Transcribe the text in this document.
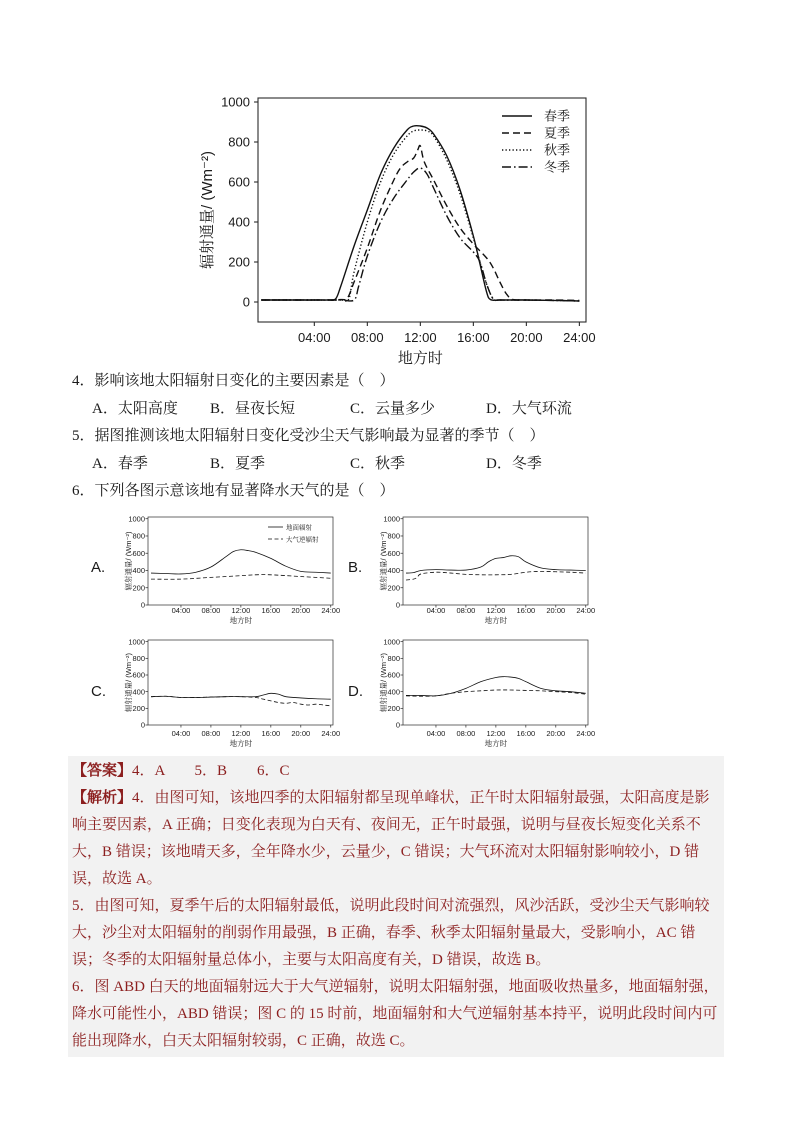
04:00 08:00 12:00 16:00 20:00 24:00
0
200
400
600
800
1000
地方时
辐射通量/ (Wm⁻²)
春季
夏季
秋季
冬季
4．影响该地太阳辐射日变化的主要因素是（　）
A．太阳高度 B．昼夜长短	C．云量多少	D．大气环流
5．据图推测该地太阳辐射日变化受沙尘天气影响最为显著的季节（　）
A．春季	B．夏季	C．秋季	D．冬季
6．下列各图示意该地有显著降水天气的是（　）
A.
04:00 08:00 12:00 16:00 20:00 24:00
0
200
400
600
800
1000
地方时
辐射通量/ (Wm⁻²)
地面辐射
大气逆辐射
B.
04:00 08:00 12:00 16:00 20:00 24:00
0
200
400
600
800
1000
地方时
辐射通量/ (Wm⁻²)
C.
04:00 08:00 12:00 16:00 20:00 24:00
0
200
400
600
800
1000
地方时
辐射通量/ (Wm⁻²)	D.
04:00 08:00 12:00 16:00 20:00 24:00
0
200
400
600
800
1000
地方时
辐射通量/ (Wm⁻²)

【答案】4．A　　5．B　　6．C

【解析】4．由图可知，该地四季的太阳辐射都呈现单峰状，正午时太阳辐射最强，太阳高度是影响主要因素，A 正确；日变化表现为白天有、夜间无，正午时最强，说明与昼夜长短变化关系不大，B 错误；该地晴天多，全年降水少，云量少，C 错误；大气环流对太阳辐射影响较小，D 错误，故选 A。

5．由图可知，夏季午后的太阳辐射最低，说明此段时间对流强烈，风沙活跃，受沙尘天气影响较大，沙尘对太阳辐射的削弱作用最强，B 正确，春季、秋季太阳辐射量最大，受影响小，AC 错误；冬季的太阳辐射量总体小，主要与太阳高度有关，D 错误，故选 B。

6．图 ABD 白天的地面辐射远大于大气逆辐射，说明太阳辐射强，地面吸收热量多，地面辐射强，降水可能性小，ABD 错误；图 C 的 15 时前，地面辐射和大气逆辐射基本持平，说明此段时间内可能出现降水，白天太阳辐射较弱，C 正确，故选 C。
